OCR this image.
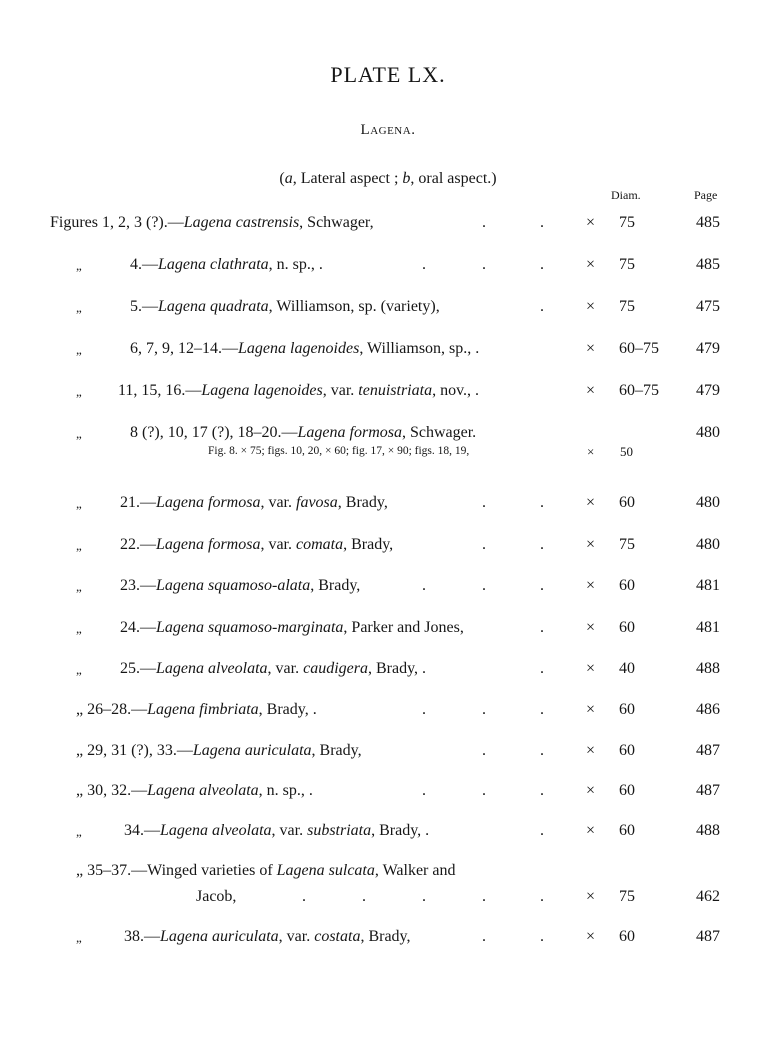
PLATE LX.
Lagena.
(a, Lateral aspect ; b, oral aspect.)
Diam.	Page
Figures 1, 2, 3 (?).—Lagena castrensis, Schwager,	.	.	× 75	485
„	4.—Lagena clathrata, n. sp., .	.	.	.	× 75	485
„	5.—Lagena quadrata, Williamson, sp. (variety),	.	× 75	475
„	6, 7, 9, 12–14.—Lagena lagenoides, Williamson, sp., .	× 60–75 479
„ 11, 15, 16.—Lagena lagenoides, var. tenuistriata, nov., .	× 60–75 479
„	8 (?), 10, 17 (?), 18–20.—Lagena formosa, Schwager.	480
Fig. 8. × 75; figs. 10, 20, × 60; fig. 17, × 90; figs. 18, 19,	× 50
„ 21.—Lagena formosa, var. favosa, Brady,	.	.	× 60	480
„ 22.—Lagena formosa, var. comata, Brady,	.	.	× 75	480
„ 23.—Lagena squamoso-alata, Brady,	.	.	.	× 60	481
„ 24.—Lagena squamoso-marginata, Parker and Jones,	.	× 60	481
„ 25.—Lagena alveolata, var. caudigera, Brady, .	.	× 40	488
„ 26–28.—Lagena fimbriata, Brady, .	.	.	.	× 60	486
„ 29, 31 (?), 33.—Lagena auriculata, Brady,	.	.	× 60	487
„ 30, 32.—Lagena alveolata, n. sp., .	.	.	.	× 60	487
„	34.—Lagena alveolata, var. substriata, Brady, .	.	× 60	488
„ 35–37.—Winged varieties of Lagena sulcata, Walker and
Jacob,	.	.	.	.	.	× 75	462
„	38.—Lagena auriculata, var. costata, Brady,	.	.	× 60	487
